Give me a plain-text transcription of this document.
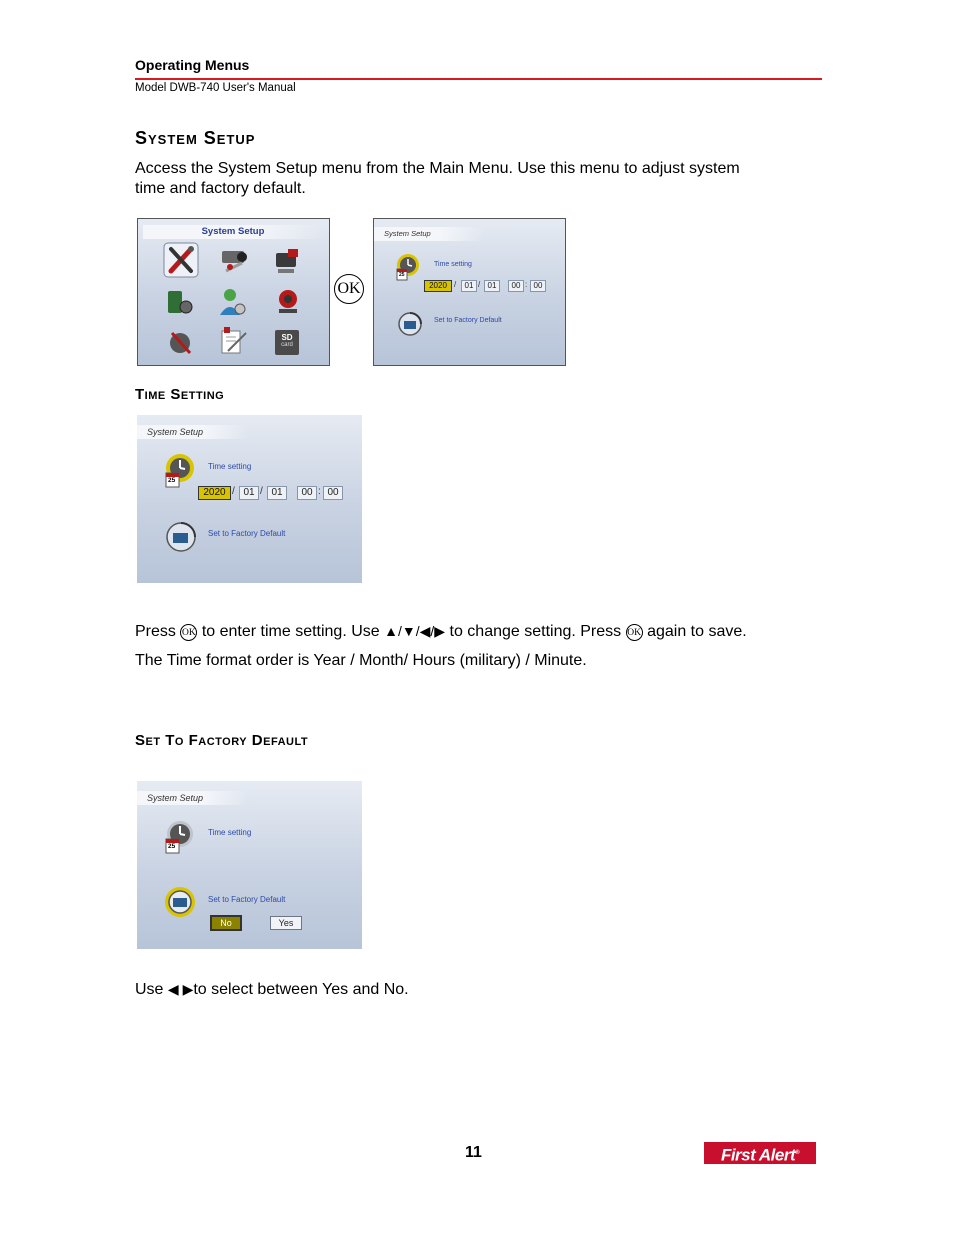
Operating Menus
Model DWB-740 User's Manual
System Setup
Access the System Setup menu from the Main Menu. Use this menu to adjust system
time and factory default.
System Setup
SD
card
OK
System Setup
25
Time setting
2020 /	01 / 01	00 : 00
Set to Factory Default
Time Setting
System Setup
25
Time setting
2020 / 01 / 01	00 : 00
Set to Factory Default
Press OK to enter time setting. Use ▲/▼/◀/▶ to change setting. Press OK again to save.
The Time format order is Year / Month/ Hours (military) / Minute.
Set To Factory Default
System Setup
25
Time setting
Set to Factory Default
No	Yes
Use ◀ ▶to select between Yes and No.
11	First Alert®
